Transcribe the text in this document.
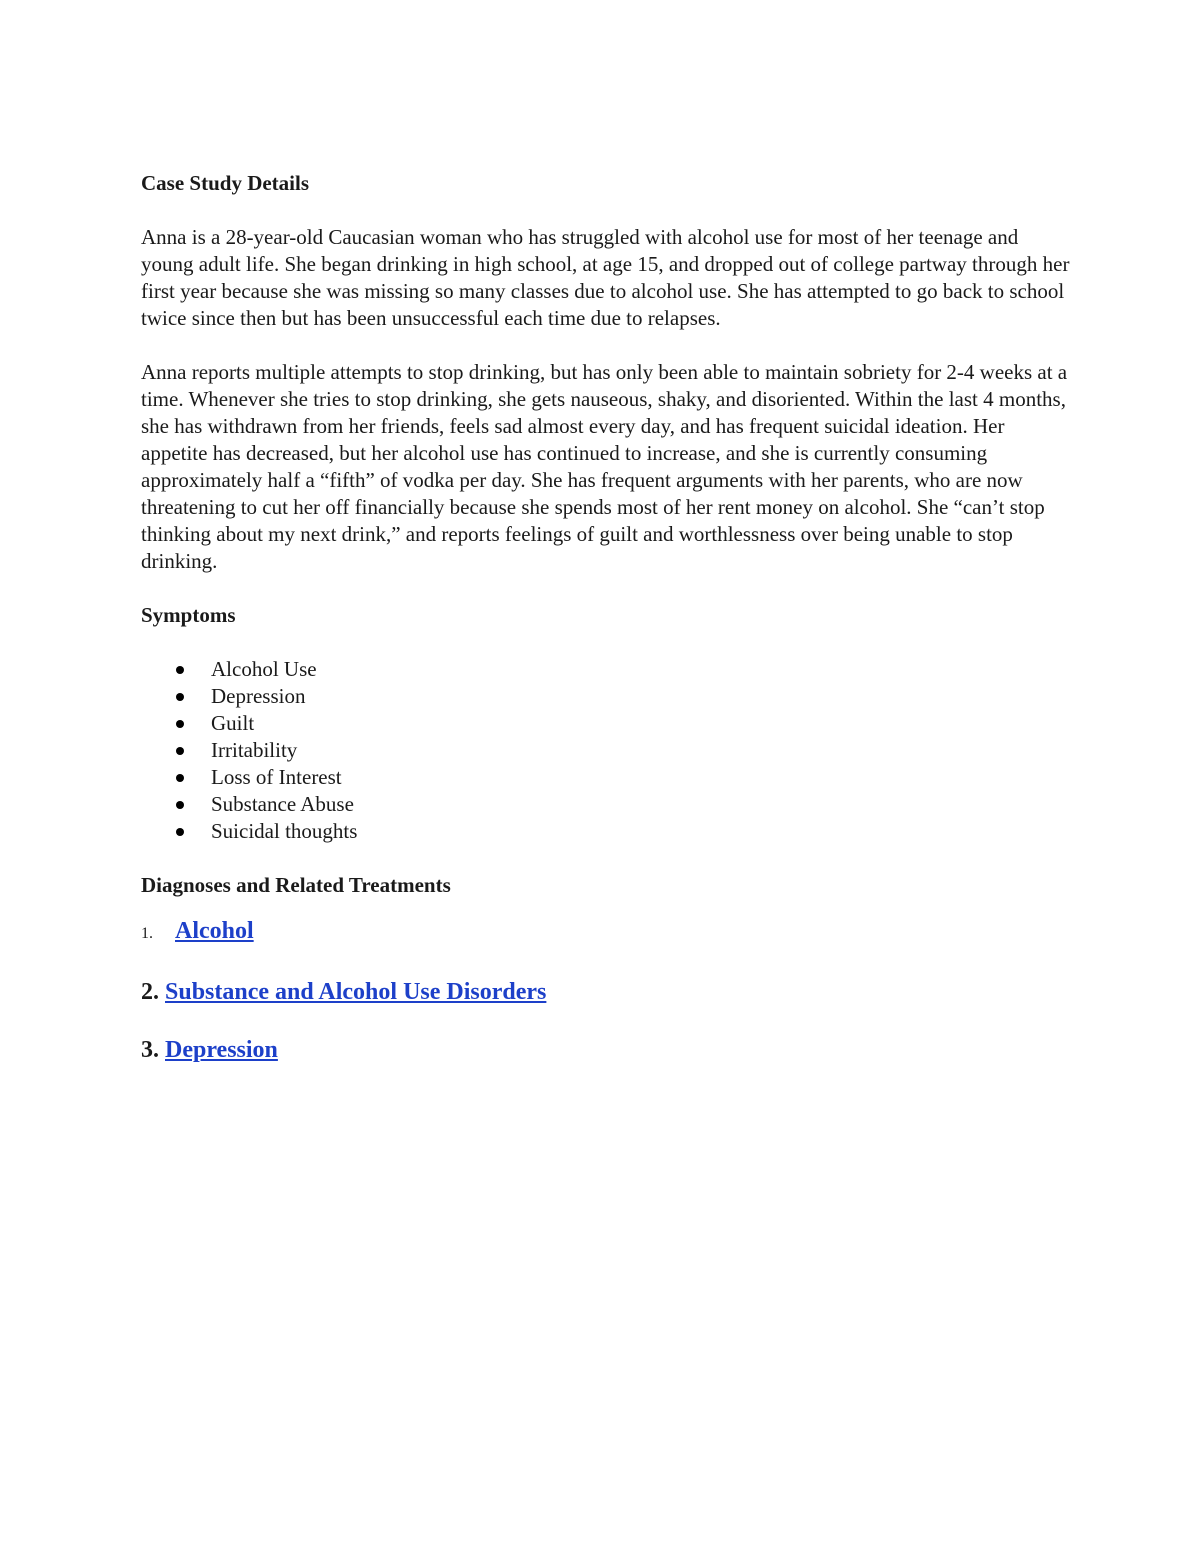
Case Study Details

Anna is a 28-year-old Caucasian woman who has struggled with alcohol use for most of her teenage and young adult life. She began drinking in high school, at age 15, and dropped out of college partway through her first year because she was missing so many classes due to alcohol use. She has attempted to go back to school twice since then but has been unsuccessful each time due to relapses.

Anna reports multiple attempts to stop drinking, but has only been able to maintain sobriety for 2-4 weeks at a time. Whenever she tries to stop drinking, she gets nauseous, shaky, and disoriented. Within the last 4 months, she has withdrawn from her friends, feels sad almost every day, and has frequent suicidal ideation. Her appetite has decreased, but her alcohol use has continued to increase, and she is currently consuming approximately half a “fifth” of vodka per day. She has frequent arguments with her parents, who are now threatening to cut her off financially because she spends most of her rent money on alcohol. She “can’t stop thinking about my next drink,” and reports feelings of guilt and worthlessness over being unable to stop drinking.

Symptoms

Alcohol Use
Depression
Guilt
Irritability
Loss of Interest
Substance Abuse
Suicidal thoughts

Diagnoses and Related Treatments

1. Alcohol

2. Substance and Alcohol Use Disorders

3. Depression
